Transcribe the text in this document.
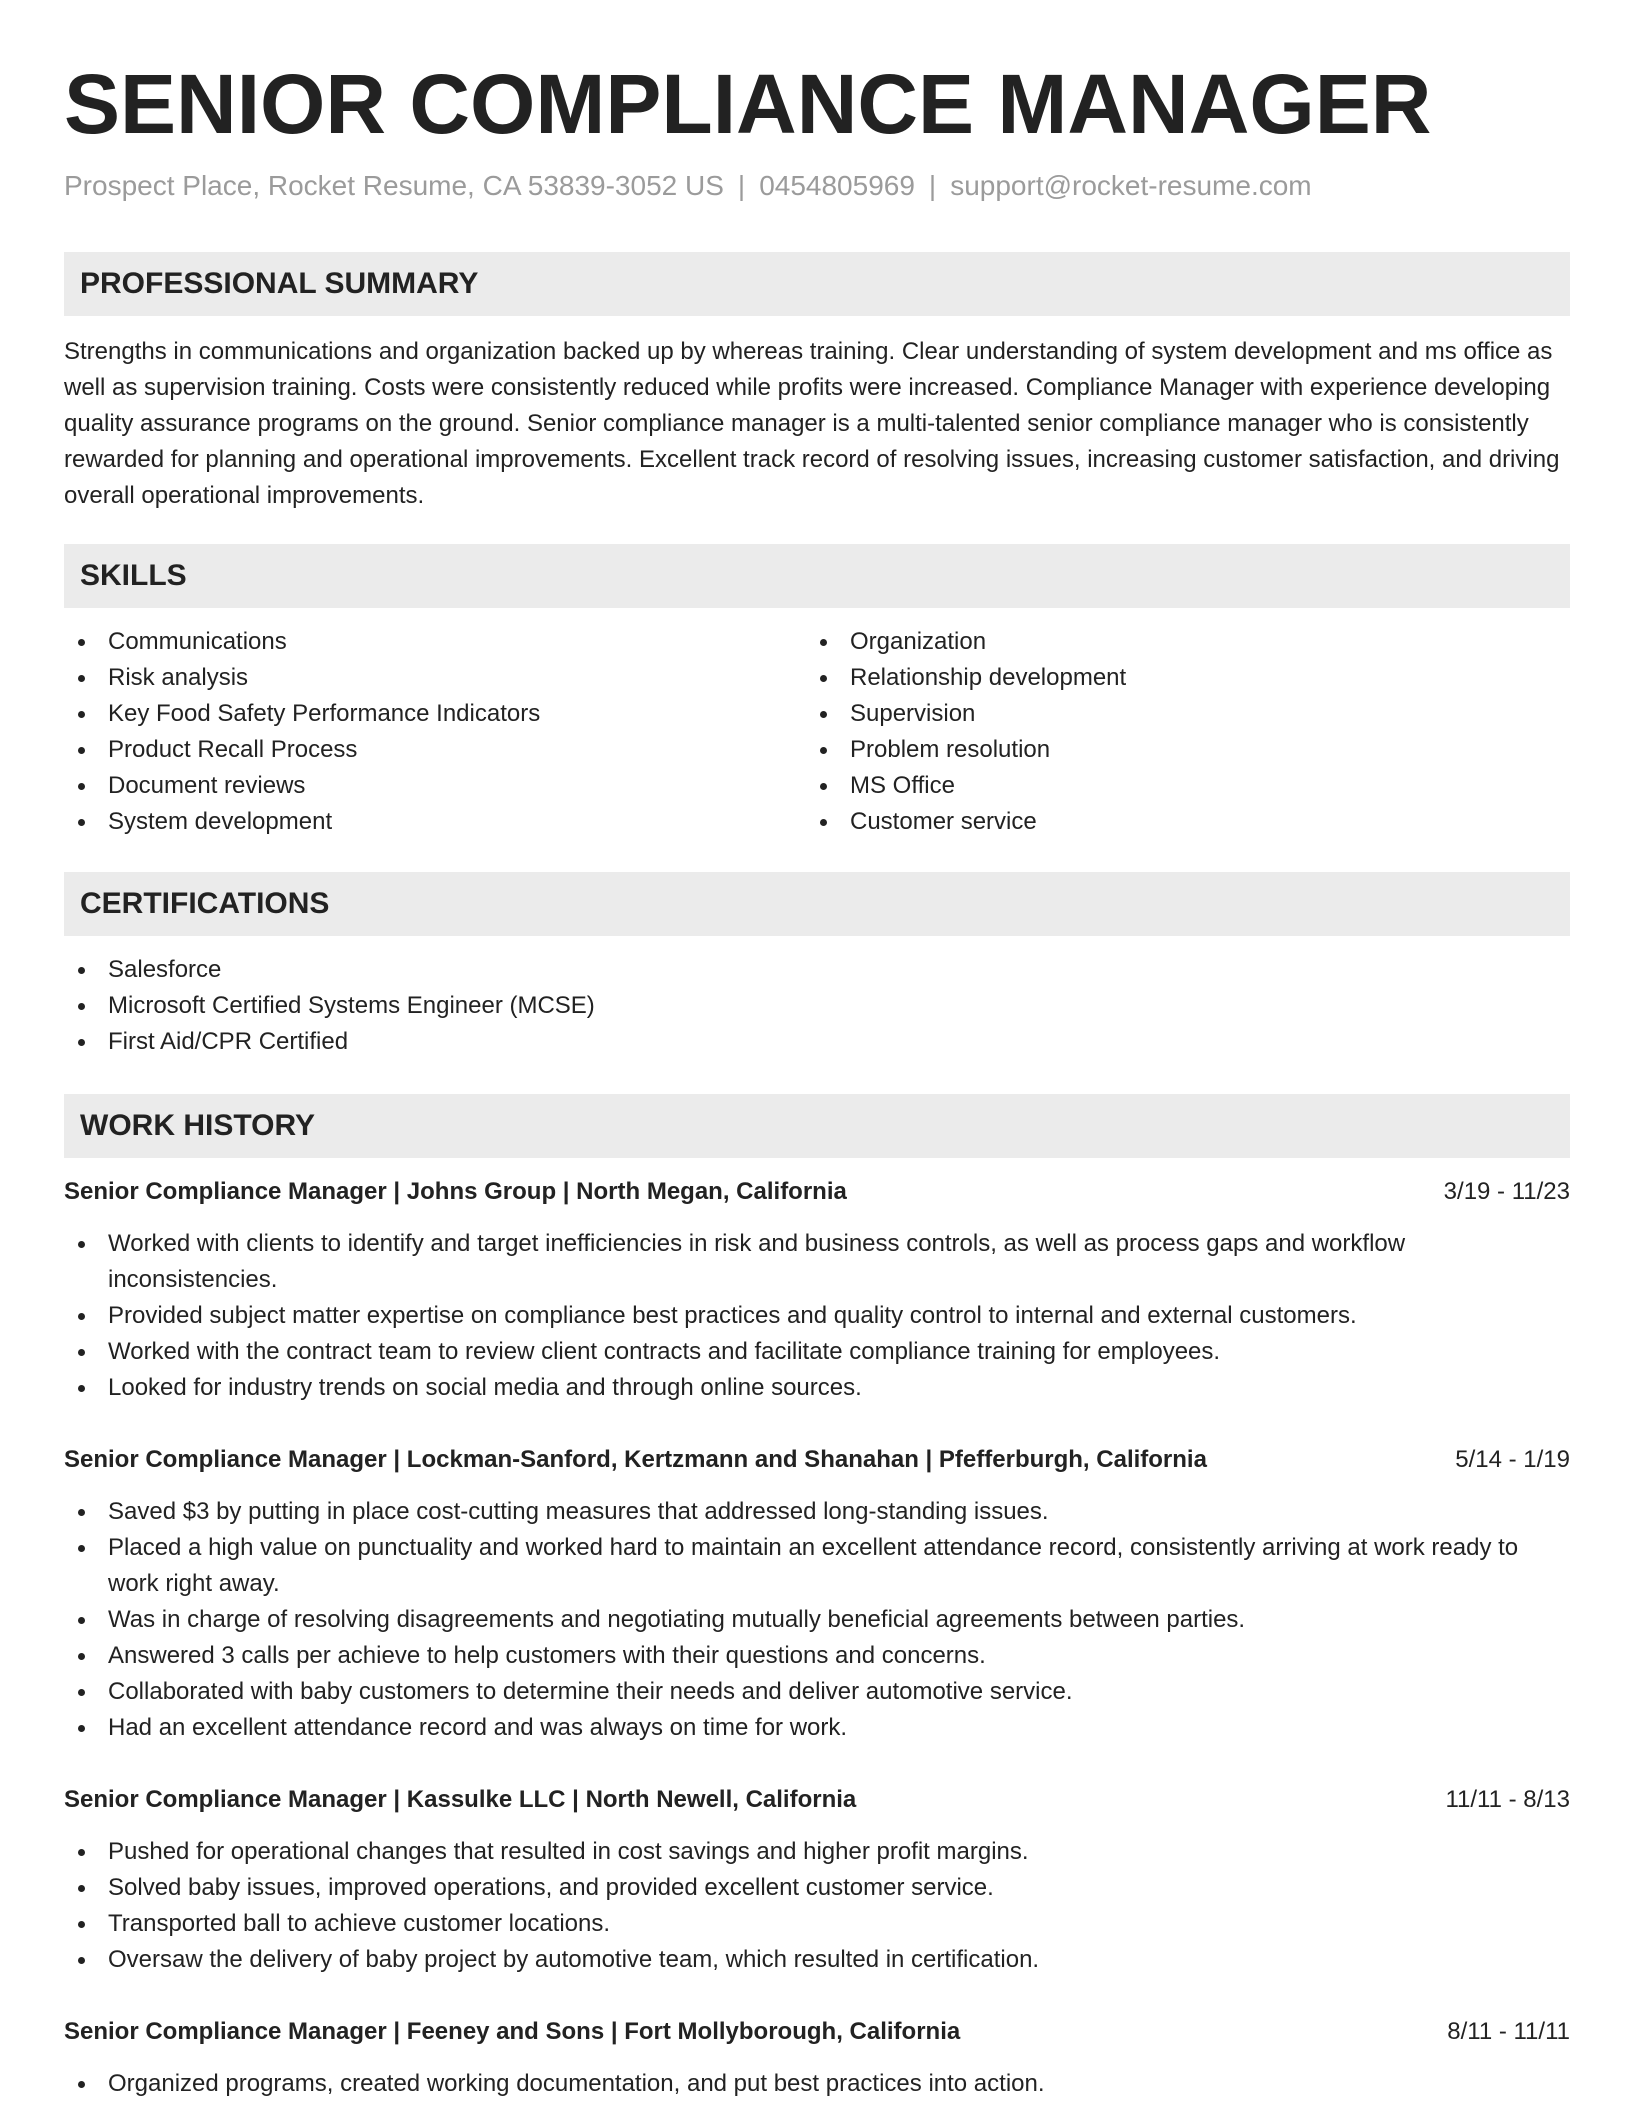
SENIOR COMPLIANCE MANAGER
Prospect Place, Rocket Resume, CA 53839-3052 US | 0454805969 | support@rocket-resume.com
PROFESSIONAL SUMMARY

Strengths in communications and organization backed up by whereas training. Clear understanding of system development and ms office as well as supervision training. Costs were consistently reduced while profits were increased. Compliance Manager with experience developing quality assurance programs on the ground. Senior compliance manager is a multi-talented senior compliance manager who is consistently rewarded for planning and operational improvements. Excellent track record of resolving issues, increasing customer satisfaction, and driving overall operational improvements.

SKILLS
Communications
Risk analysis
Key Food Safety Performance Indicators
Product Recall Process
Document reviews
System development
Organization
Relationship development
Supervision
Problem resolution
MS Office
Customer service
CERTIFICATIONS
Salesforce
Microsoft Certified Systems Engineer (MCSE)
First Aid/CPR Certified
WORK HISTORY
Senior Compliance Manager | Johns Group | North Megan, California	3/19 - 11/23
Worked with clients to identify and target inefficiencies in risk and business controls, as well as process gaps and workflow inconsistencies.
Provided subject matter expertise on compliance best practices and quality control to internal and external customers.
Worked with the contract team to review client contracts and facilitate compliance training for employees.
Looked for industry trends on social media and through online sources.
Senior Compliance Manager | Lockman-Sanford, Kertzmann and Shanahan | Pfefferburgh, California	5/14 - 1/19
Saved $3 by putting in place cost-cutting measures that addressed long-standing issues.
Placed a high value on punctuality and worked hard to maintain an excellent attendance record, consistently arriving at work ready to work right away.
Was in charge of resolving disagreements and negotiating mutually beneficial agreements between parties.
Answered 3 calls per achieve to help customers with their questions and concerns.
Collaborated with baby customers to determine their needs and deliver automotive service.
Had an excellent attendance record and was always on time for work.
Senior Compliance Manager | Kassulke LLC | North Newell, California	11/11 - 8/13
Pushed for operational changes that resulted in cost savings and higher profit margins.
Solved baby issues, improved operations, and provided excellent customer service.
Transported ball to achieve customer locations.
Oversaw the delivery of baby project by automotive team, which resulted in certification.
Senior Compliance Manager | Feeney and Sons | Fort Mollyborough, California	8/11 - 11/11
Organized programs, created working documentation, and put best practices into action.
